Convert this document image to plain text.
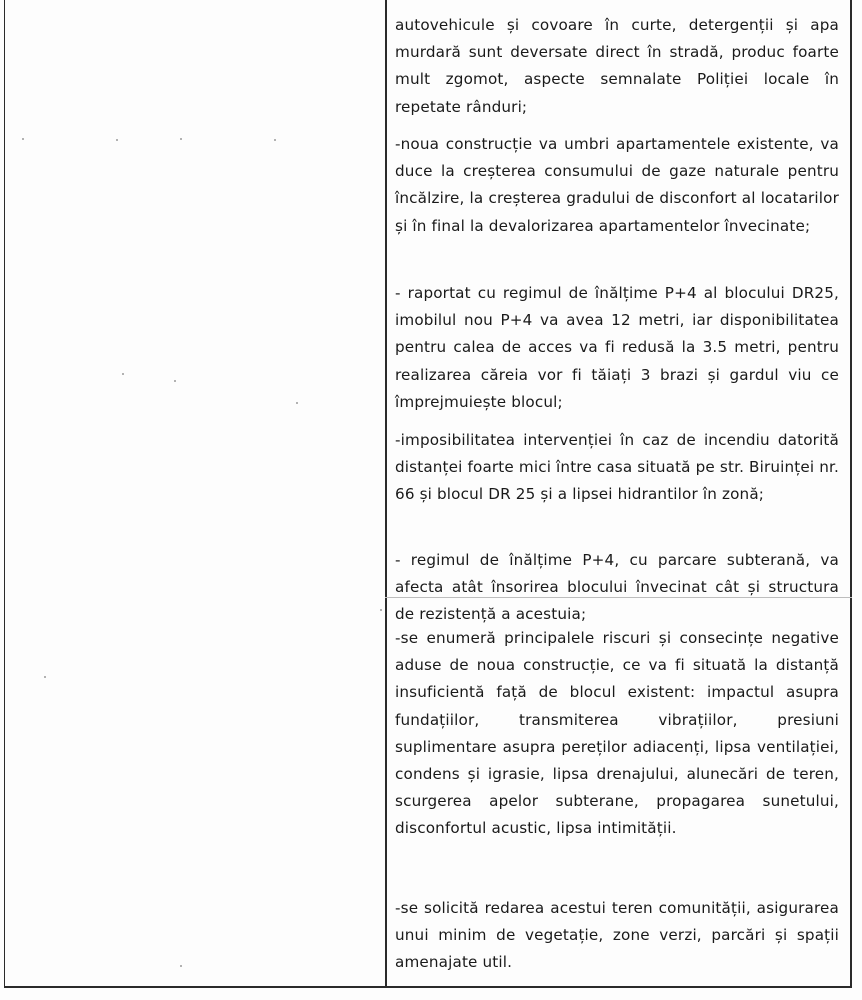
autovehicule și covoare în curte, detergenții și apa murdară sunt deversate direct în stradă, produc foarte mult zgomot, aspecte semnalate Poliției locale în repetate rânduri;

-noua construcție va umbri apartamentele existente, va duce la creșterea consumului de gaze naturale pentru încălzire, la creșterea gradului de disconfort al locatarilor și în final la devalorizarea apartamentelor învecinate;

- raportat cu regimul de înălțime P+4 al blocului DR25, imobilul nou P+4 va avea 12 metri, iar disponibilitatea pentru calea de acces va fi redusă la 3.5 metri, pentru realizarea căreia vor fi tăiați 3 brazi și gardul viu ce împrejmuiește blocul;

-imposibilitatea intervenției în caz de incendiu datorită distanței foarte mici între casa situată pe str. Biruinței nr. 66 și blocul DR 25 și a lipsei hidrantilor în zonă;

- regimul de înălțime P+4, cu parcare subterană, va afecta atât însorirea blocului învecinat cât și structura de rezistență a acestuia;

-se enumeră principalele riscuri și consecințe negative aduse de noua construcție, ce va fi situată la distanță insuficientă față de blocul existent: impactul asupra fundațiilor, transmiterea vibrațiilor, presiuni suplimentare asupra pereților adiacenți, lipsa ventilației, condens și igrasie, lipsa drenajului, alunecări de teren, scurgerea apelor subterane, propagarea sunetului, disconfortul acustic, lipsa intimității.

-se solicită redarea acestui teren comunității, asigurarea unui minim de vegetație, zone verzi, parcări și spații amenajate util.
